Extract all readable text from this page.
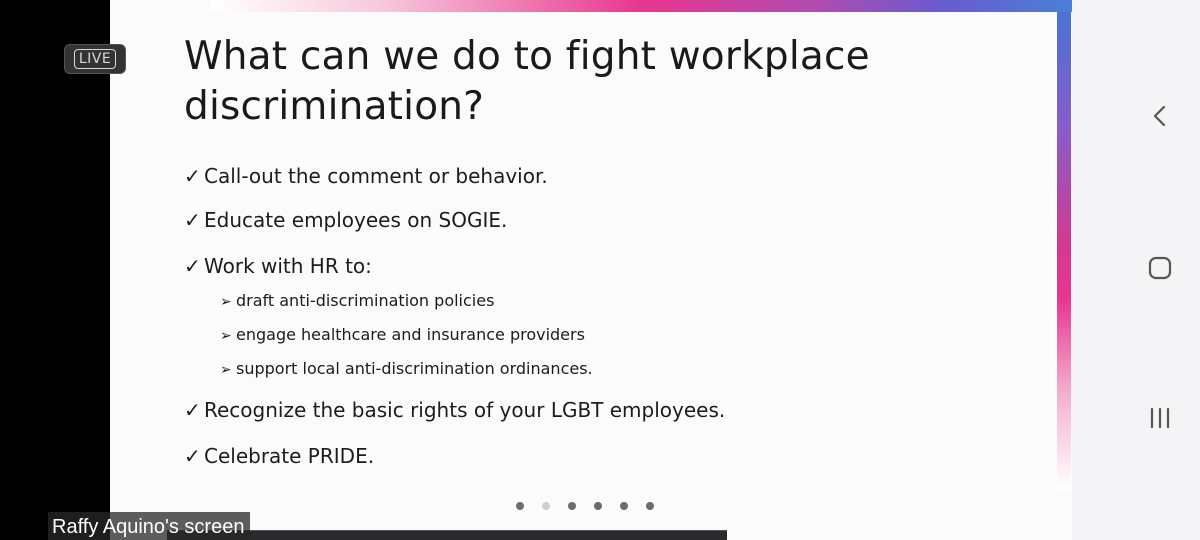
What can we do to fight workplace
discrimination?
✓ Call-out the comment or behavior.
✓ Educate employees on SOGIE.
✓ Work with HR to:
➢ draft anti-discrimination policies
➢ engage healthcare and insurance providers
➢ support local anti-discrimination ordinances.
✓ Recognize the basic rights of your LGBT employees.
✓ Celebrate PRIDE.
LIVE
Raffy Aquino's screen
